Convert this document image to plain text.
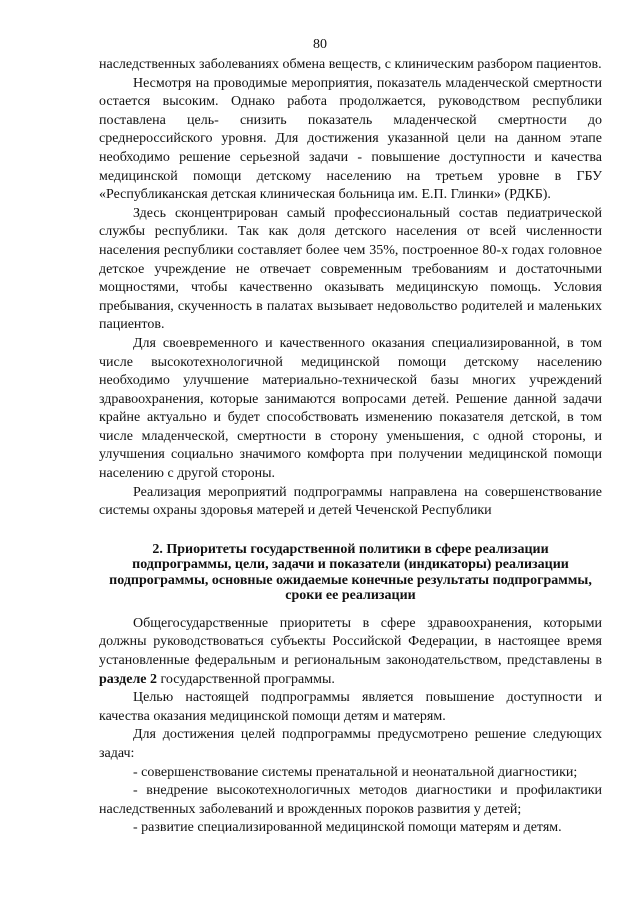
80

наследственных заболеваниях обмена веществ, с клиническим разбором пациентов.

Несмотря на проводимые мероприятия, показатель младенческой смертности остается высоким. Однако работа продолжается, руководством республики поставлена цель- снизить показатель младенческой смертности до среднероссийского уровня. Для достижения указанной цели на данном этапе необходимо решение серьезной задачи - повышение доступности и качества медицинской помощи детскому населению на третьем уровне в ГБУ «Республиканская детская клиническая больница им. Е.П. Глинки» (РДКБ).

Здесь сконцентрирован самый профессиональный состав педиатрической службы республики. Так как доля детского населения от всей численности населения республики составляет более чем 35%, построенное 80-х годах головное детское учреждение не отвечает современным требованиям и достаточными мощностями, чтобы качественно оказывать медицинскую помощь. Условия пребывания, скученность в палатах вызывает недовольство родителей и маленьких пациентов.

Для своевременного и качественного оказания специализированной, в том числе высокотехнологичной медицинской помощи детскому населению необходимо улучшение материально-технической базы многих учреждений здравоохранения, которые занимаются вопросами детей. Решение данной задачи крайне актуально и будет способствовать изменению показателя детской, в том числе младенческой, смертности в сторону уменьшения, с одной стороны, и улучшения социально значимого комфорта при получении медицинской помощи населению с другой стороны.

Реализация мероприятий подпрограммы направлена на совершенствование системы охраны здоровья матерей и детей Чеченской Республики

2. Приоритеты государственной политики в сфере реализации подпрограммы, цели, задачи и показатели (индикаторы) реализации подпрограммы, основные ожидаемые конечные результаты подпрограммы, сроки ее реализации

Общегосударственные приоритеты в сфере здравоохранения, которыми должны руководствоваться субъекты Российской Федерации, в настоящее время установленные федеральным и региональным законодательством, представлены в разделе 2 государственной программы.

Целью настоящей подпрограммы является повышение доступности и качества оказания медицинской помощи детям и матерям.

Для достижения целей подпрограммы предусмотрено решение следующих задач:

- совершенствование системы пренатальной и неонатальной диагностики;

- внедрение высокотехнологичных методов диагностики и профилактики наследственных заболеваний и врожденных пороков развития у детей;

- развитие специализированной медицинской помощи матерям и детям.
